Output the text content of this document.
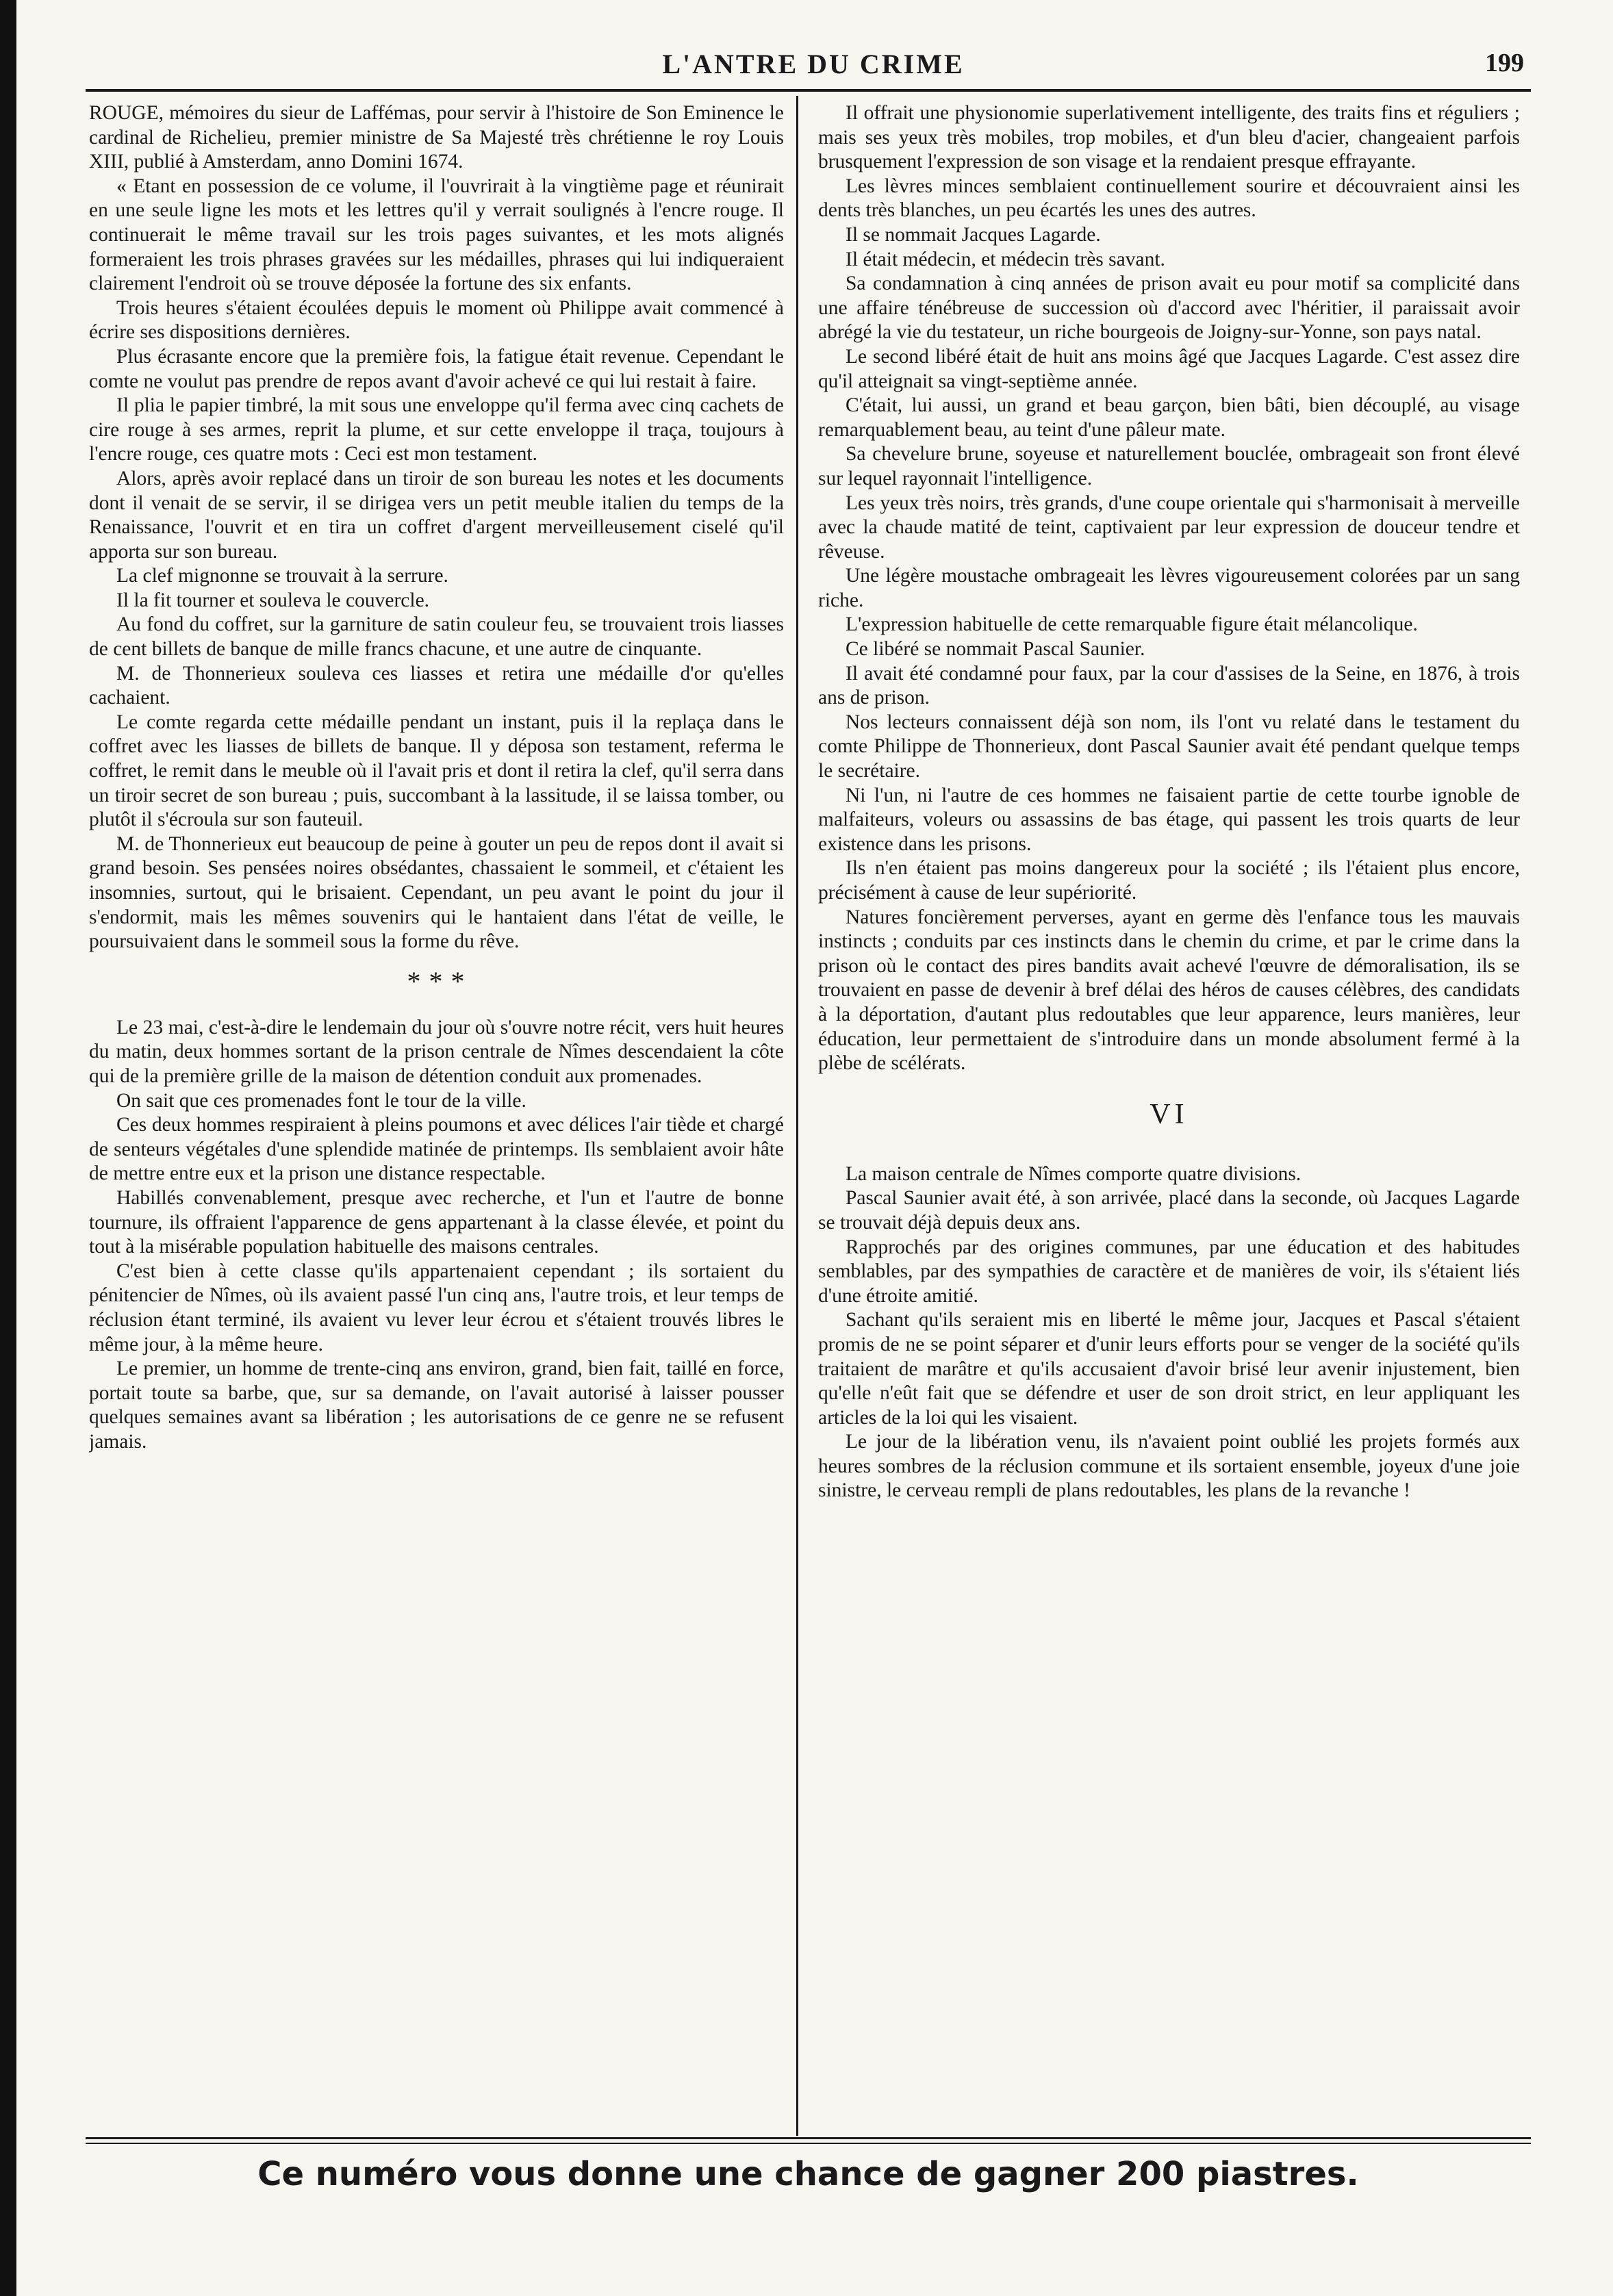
L'ANTRE DU CRIME	199

ROUGE, mémoires du sieur de Laffémas, pour servir à l'histoire de Son Eminence le cardinal de Richelieu, premier ministre de Sa Majesté très chrétienne le roy Louis XIII, publié à Amsterdam, anno Domini 1674.

« Etant en possession de ce volume, il l'ouvrirait à la vingtième page et réunirait en une seule ligne les mots et les lettres qu'il y verrait soulignés à l'encre rouge. Il continuerait le même travail sur les trois pages suivantes, et les mots alignés formeraient les trois phrases gravées sur les médailles, phrases qui lui indiqueraient clairement l'endroit où se trouve déposée la fortune des six enfants.

Trois heures s'étaient écoulées depuis le moment où Philippe avait commencé à écrire ses dispositions dernières.

Plus écrasante encore que la première fois, la fatigue était revenue. Cependant le comte ne voulut pas prendre de repos avant d'avoir achevé ce qui lui restait à faire.

Il plia le papier timbré, la mit sous une enveloppe qu'il ferma avec cinq cachets de cire rouge à ses armes, reprit la plume, et sur cette enveloppe il traça, toujours à l'encre rouge, ces quatre mots : Ceci est mon testament.

Alors, après avoir replacé dans un tiroir de son bureau les notes et les documents dont il venait de se servir, il se dirigea vers un petit meuble italien du temps de la Renaissance, l'ouvrit et en tira un coffret d'argent merveilleusement ciselé qu'il apporta sur son bureau.

La clef mignonne se trouvait à la serrure.

Il la fit tourner et souleva le couvercle.

Au fond du coffret, sur la garniture de satin couleur feu, se trouvaient trois liasses de cent billets de banque de mille francs chacune, et une autre de cinquante.

M. de Thonnerieux souleva ces liasses et retira une médaille d'or qu'elles cachaient.

Le comte regarda cette médaille pendant un instant, puis il la replaça dans le coffret avec les liasses de billets de banque. Il y déposa son testament, referma le coffret, le remit dans le meuble où il l'avait pris et dont il retira la clef, qu'il serra dans un tiroir secret de son bureau ; puis, succombant à la lassitude, il se laissa tomber, ou plutôt il s'écroula sur son fauteuil.

M. de Thonnerieux eut beaucoup de peine à gouter un peu de repos dont il avait si grand besoin. Ses pensées noires obsédantes, chassaient le sommeil, et c'étaient les insomnies, surtout, qui le brisaient. Cependant, un peu avant le point du jour il s'endormit, mais les mêmes souvenirs qui le hantaient dans l'état de veille, le poursuivaient dans le sommeil sous la forme du rêve.

* * *

Le 23 mai, c'est-à-dire le lendemain du jour où s'ouvre notre récit, vers huit heures du matin, deux hommes sortant de la prison centrale de Nîmes descendaient la côte qui de la première grille de la maison de détention conduit aux promenades.

On sait que ces promenades font le tour de la ville.

Ces deux hommes respiraient à pleins poumons et avec délices l'air tiède et chargé de senteurs végétales d'une splendide matinée de printemps. Ils semblaient avoir hâte de mettre entre eux et la prison une distance respectable.

Habillés convenablement, presque avec recherche, et l'un et l'autre de bonne tournure, ils offraient l'apparence de gens appartenant à la classe élevée, et point du tout à la misérable population habituelle des maisons centrales.

C'est bien à cette classe qu'ils appartenaient cependant ; ils sortaient du pénitencier de Nîmes, où ils avaient passé l'un cinq ans, l'autre trois, et leur temps de réclusion étant terminé, ils avaient vu lever leur écrou et s'étaient trouvés libres le même jour, à la même heure.

Le premier, un homme de trente-cinq ans environ, grand, bien fait, taillé en force, portait toute sa barbe, que, sur sa demande, on l'avait autorisé à laisser pousser quelques semaines avant sa libération ; les autorisations de ce genre ne se refusent jamais.

Il offrait une physionomie superlativement intelligente, des traits fins et réguliers ; mais ses yeux très mobiles, trop mobiles, et d'un bleu d'acier, changeaient parfois brusquement l'expression de son visage et la rendaient presque effrayante.

Les lèvres minces semblaient continuellement sourire et découvraient ainsi les dents très blanches, un peu écartés les unes des autres.

Il se nommait Jacques Lagarde.

Il était médecin, et médecin très savant.

Sa condamnation à cinq années de prison avait eu pour motif sa complicité dans une affaire ténébreuse de succession où d'accord avec l'héritier, il paraissait avoir abrégé la vie du testateur, un riche bourgeois de Joigny-sur-Yonne, son pays natal.

Le second libéré était de huit ans moins âgé que Jacques Lagarde. C'est assez dire qu'il atteignait sa vingt-septième année.

C'était, lui aussi, un grand et beau garçon, bien bâti, bien découplé, au visage remarquablement beau, au teint d'une pâleur mate.

Sa chevelure brune, soyeuse et naturellement bouclée, ombrageait son front élevé sur lequel rayonnait l'intelligence.

Les yeux très noirs, très grands, d'une coupe orientale qui s'harmonisait à merveille avec la chaude matité de teint, captivaient par leur expression de douceur tendre et rêveuse.

Une légère moustache ombrageait les lèvres vigoureusement colorées par un sang riche.

L'expression habituelle de cette remarquable figure était mélancolique.

Ce libéré se nommait Pascal Saunier.

Il avait été condamné pour faux, par la cour d'assises de la Seine, en 1876, à trois ans de prison.

Nos lecteurs connaissent déjà son nom, ils l'ont vu relaté dans le testament du comte Philippe de Thonnerieux, dont Pascal Saunier avait été pendant quelque temps le secrétaire.

Ni l'un, ni l'autre de ces hommes ne faisaient partie de cette tourbe ignoble de malfaiteurs, voleurs ou assassins de bas étage, qui passent les trois quarts de leur existence dans les prisons.

Ils n'en étaient pas moins dangereux pour la société ; ils l'étaient plus encore, précisément à cause de leur supériorité.

Natures foncièrement perverses, ayant en germe dès l'enfance tous les mauvais instincts ; conduits par ces instincts dans le chemin du crime, et par le crime dans la prison où le contact des pires bandits avait achevé l'œuvre de démoralisation, ils se trouvaient en passe de devenir à bref délai des héros de causes célèbres, des candidats à la déportation, d'autant plus redoutables que leur apparence, leurs manières, leur éducation, leur permettaient de s'introduire dans un monde absolument fermé à la plèbe de scélérats.

VI

La maison centrale de Nîmes comporte quatre divisions.

Pascal Saunier avait été, à son arrivée, placé dans la seconde, où Jacques Lagarde se trouvait déjà depuis deux ans.

Rapprochés par des origines communes, par une éducation et des habitudes semblables, par des sympathies de caractère et de manières de voir, ils s'étaient liés d'une étroite amitié.

Sachant qu'ils seraient mis en liberté le même jour, Jacques et Pascal s'étaient promis de ne se point séparer et d'unir leurs efforts pour se venger de la société qu'ils traitaient de marâtre et qu'ils accusaient d'avoir brisé leur avenir injustement, bien qu'elle n'eût fait que se défendre et user de son droit strict, en leur appliquant les articles de la loi qui les visaient.

Le jour de la libération venu, ils n'avaient point oublié les projets formés aux heures sombres de la réclusion commune et ils sortaient ensemble, joyeux d'une joie sinistre, le cerveau rempli de plans redoutables, les plans de la revanche !

Ce numéro vous donne une chance de gagner 200 piastres.
